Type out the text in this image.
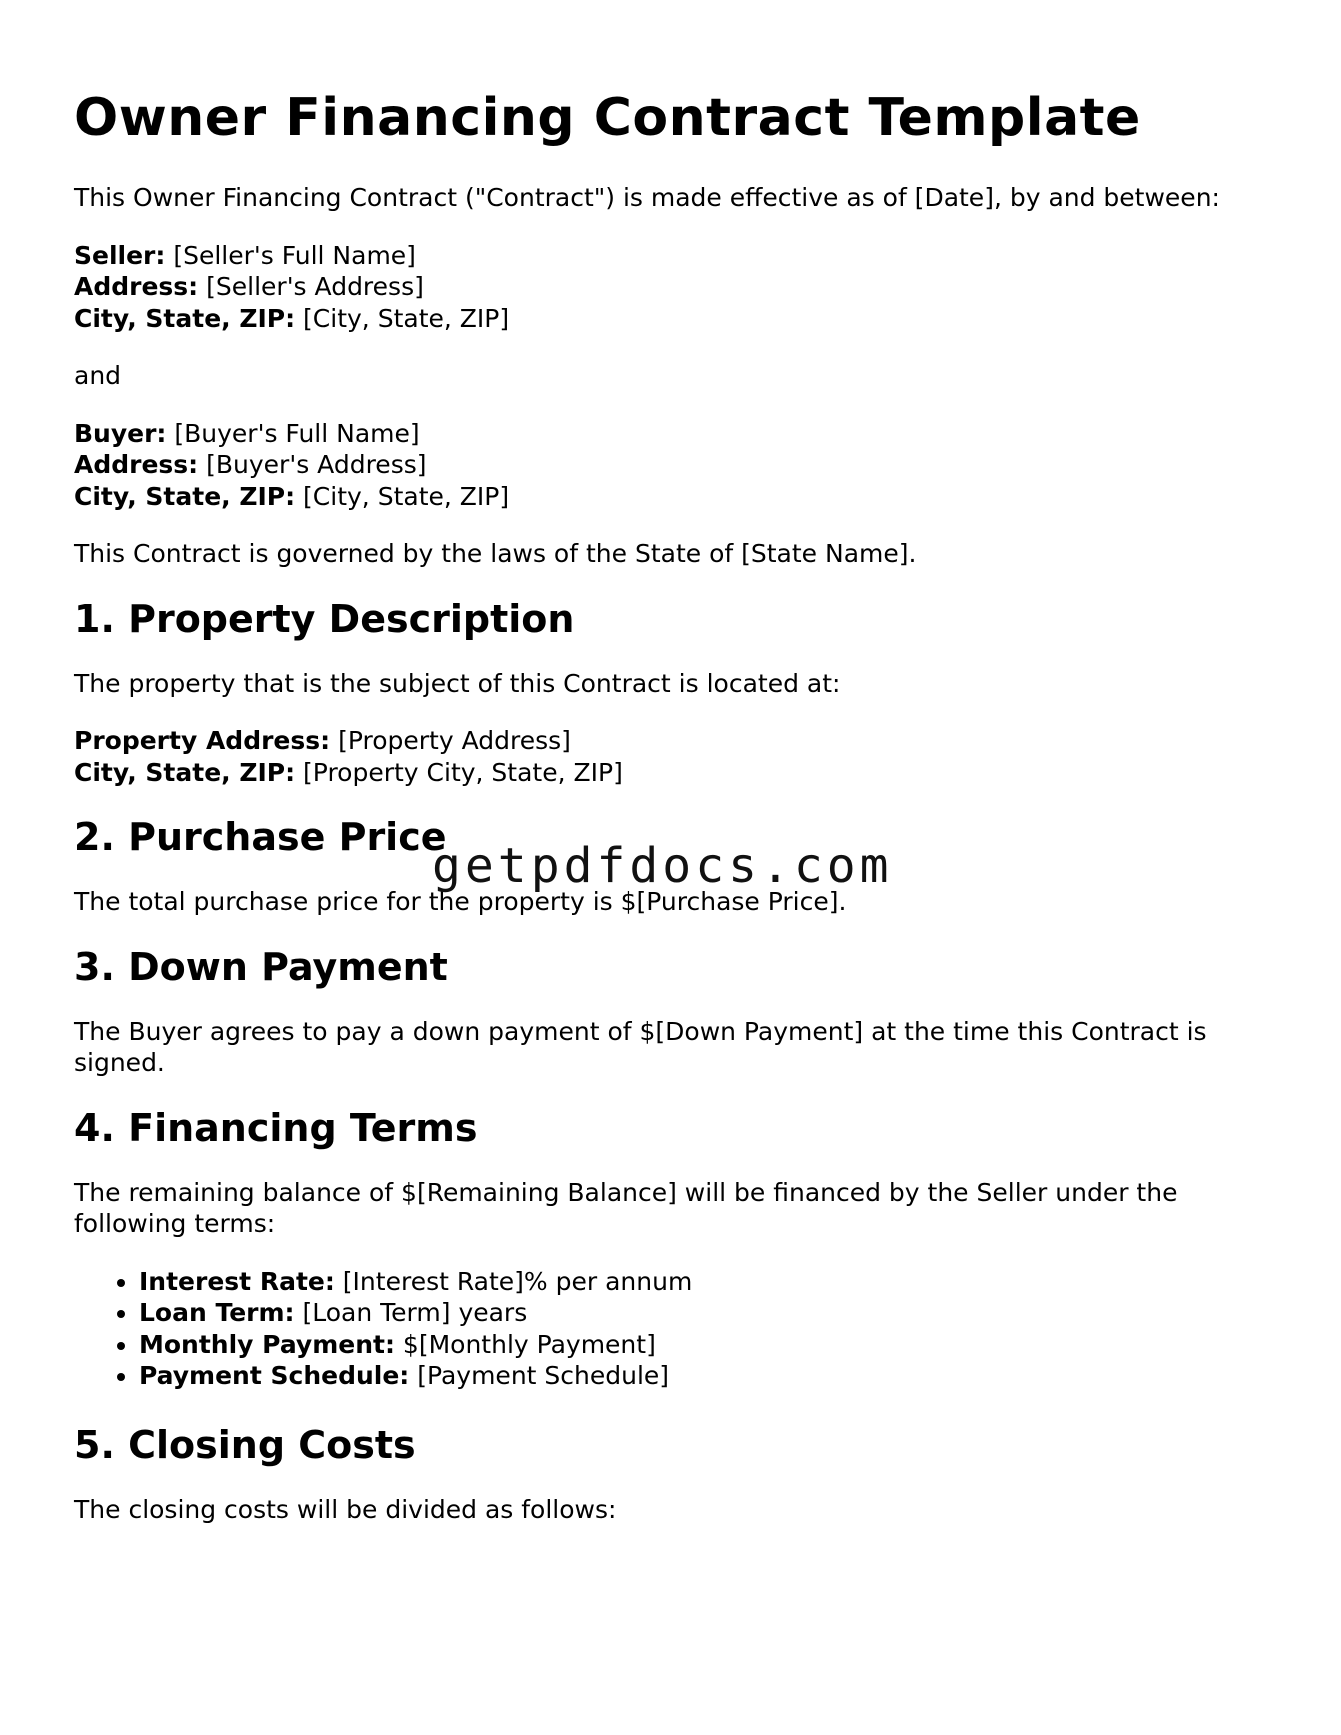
Owner Financing Contract Template

This Owner Financing Contract ("Contract") is made effective as of [Date], by and between:

Seller: [Seller's Full Name]
Address: [Seller's Address]
City, State, ZIP: [City, State, ZIP]

and

Buyer: [Buyer's Full Name]
Address: [Buyer's Address]
City, State, ZIP: [City, State, ZIP]

This Contract is governed by the laws of the State of [State Name].

1. Property Description

The property that is the subject of this Contract is located at:

Property Address: [Property Address]
City, State, ZIP: [Property City, State, ZIP]
2. Purchase Price

The total purchase price for the property is $[Purchase Price].

3. Down Payment

The Buyer agrees to pay a down payment of $[Down Payment] at the time this Contract is signed.

4. Financing Terms

The remaining balance of $[Remaining Balance] will be financed by the Seller under the following terms:

• Interest Rate: [Interest Rate]% per annum
• Loan Term: [Loan Term] years
• Monthly Payment: $[Monthly Payment]
• Payment Schedule: [Payment Schedule]
5. Closing Costs

The closing costs will be divided as follows:

getpdfdocs.com
